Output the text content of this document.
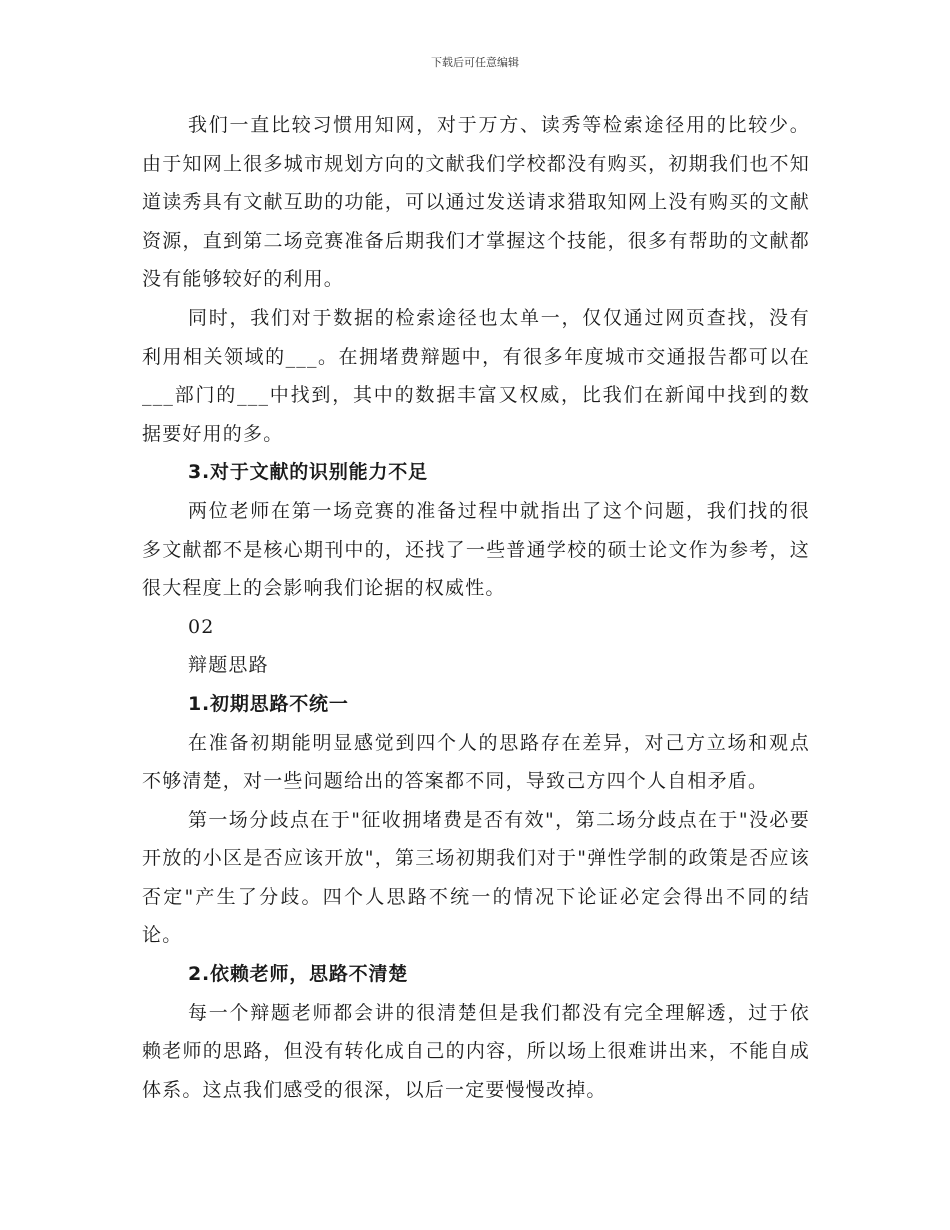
下载后可任意编辑

我们一直比较习惯用知网，对于万方、读秀等检索途径用的比较少。由于知网上很多城市规划方向的文献我们学校都没有购买，初期我们也不知道读秀具有文献互助的功能，可以通过发送请求猎取知网上没有购买的文献资源，直到第二场竞赛准备后期我们才掌握这个技能，很多有帮助的文献都没有能够较好的利用。

同时，我们对于数据的检索途径也太单一，仅仅通过网页查找，没有利用相关领域的___。在拥堵费辩题中，有很多年度城市交通报告都可以在___部门的___中找到，其中的数据丰富又权威，比我们在新闻中找到的数据要好用的多。

3.对于文献的识别能力不足

两位老师在第一场竞赛的准备过程中就指出了这个问题，我们找的很多文献都不是核心期刊中的，还找了一些普通学校的硕士论文作为参考，这很大程度上的会影响我们论据的权威性。

02

辩题思路

1.初期思路不统一

在准备初期能明显感觉到四个人的思路存在差异，对己方立场和观点不够清楚，对一些问题给出的答案都不同，导致己方四个人自相矛盾。

第一场分歧点在于"征收拥堵费是否有效"，第二场分歧点在于"没必要开放的小区是否应该开放"，第三场初期我们对于"弹性学制的政策是否应该否定"产生了分歧。四个人思路不统一的情况下论证必定会得出不同的结论。

2.依赖老师，思路不清楚

每一个辩题老师都会讲的很清楚但是我们都没有完全理解透，过于依赖老师的思路，但没有转化成自己的内容，所以场上很难讲出来，不能自成体系。这点我们感受的很深，以后一定要慢慢改掉。
